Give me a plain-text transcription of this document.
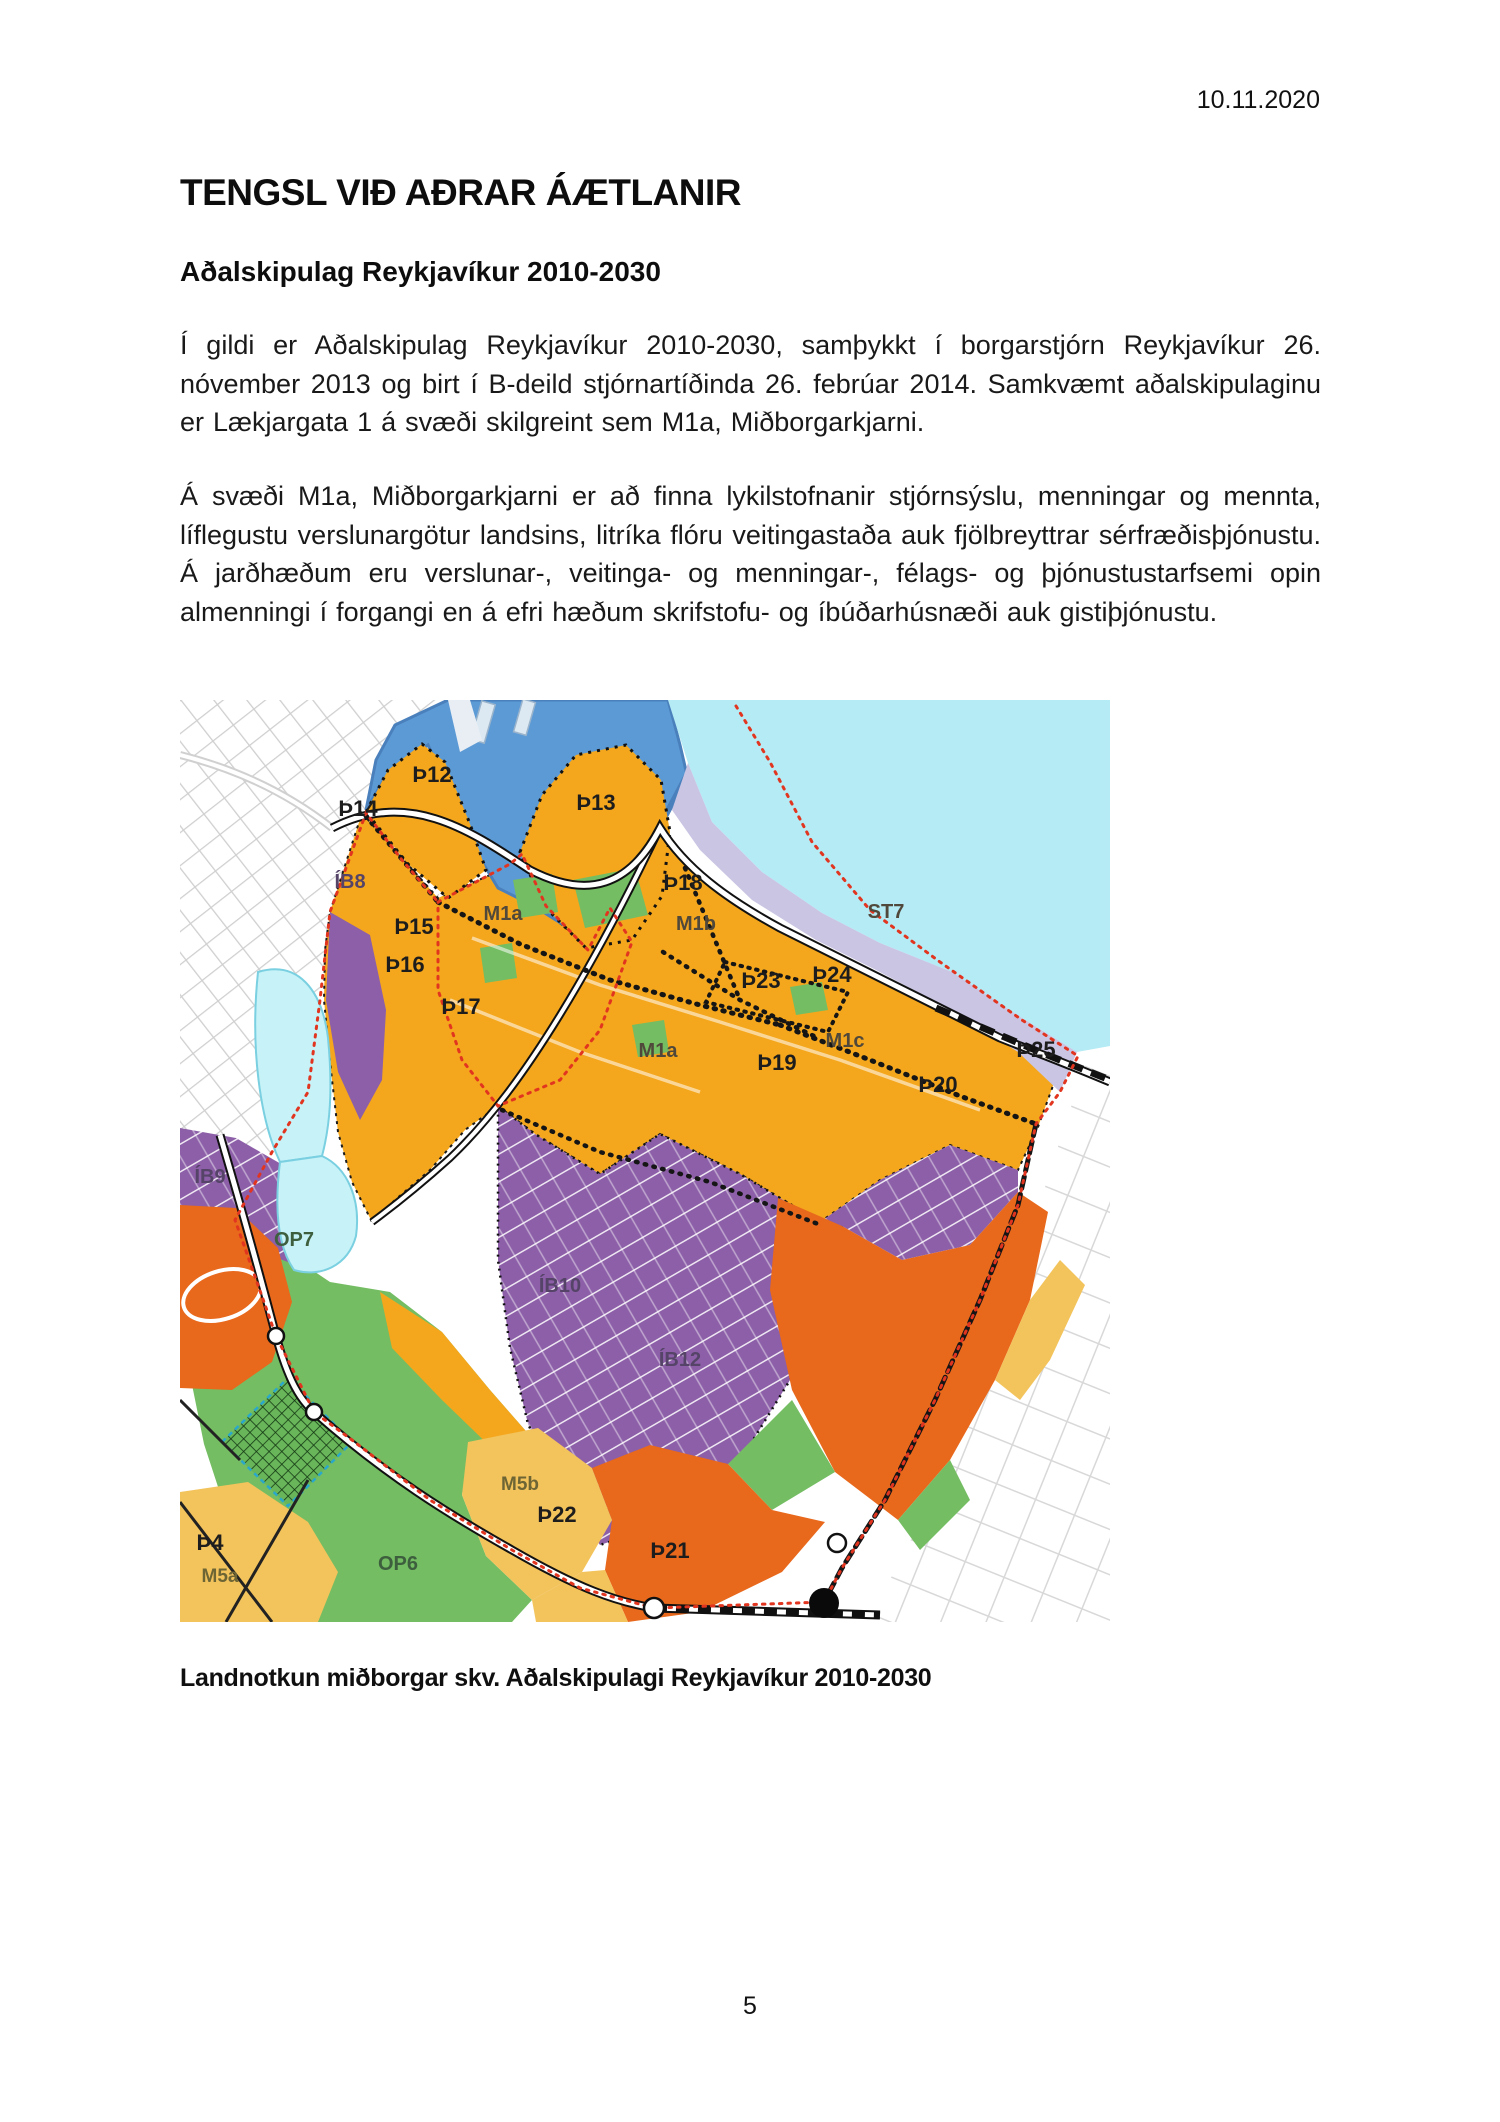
10.11.2020
TENGSL VIÐ AÐRAR ÁÆTLANIR
Aðalskipulag Reykjavíkur 2010-2030

Í gildi er Aðalskipulag Reykjavíkur 2010-2030, samþykkt í borgarstjórn Reykjavíkur 26. nóvember 2013 og birt í B-deild stjórnartíðinda 26. febrúar 2014. Samkvæmt aðalskipulaginu er Lækjargata 1 á svæði skilgreint sem M1a, Miðborgarkjarni.

Á svæði M1a, Miðborgarkjarni er að finna lykilstofnanir stjórnsýslu, menningar og mennta, líflegustu verslunargötur landsins, litríka flóru veitingastaða auk fjölbreyttrar sérfræðisþjónustu. Á jarðhæðum eru verslunar-, veitinga- og menningar-, félags- og þjónustustarfsemi opin almenningi í forgangi en á efri hæðum skrifstofu- og íbúðarhúsnæði auk gistiþjónustu.

Þ12
Þ14	Þ13
ÍB8	Þ18
M1b
ST7
M1a
Þ15
Þ16
Þ23 Þ24
Þ17
M1a	M1c
Þ19
Þ25
Þ20
ÍB9
OP7
ÍB10
ÍB12
M5b
Þ22
OP6
Þ21
Þ4
M5a
Landnotkun miðborgar skv. Aðalskipulagi Reykjavíkur 2010-2030
5
